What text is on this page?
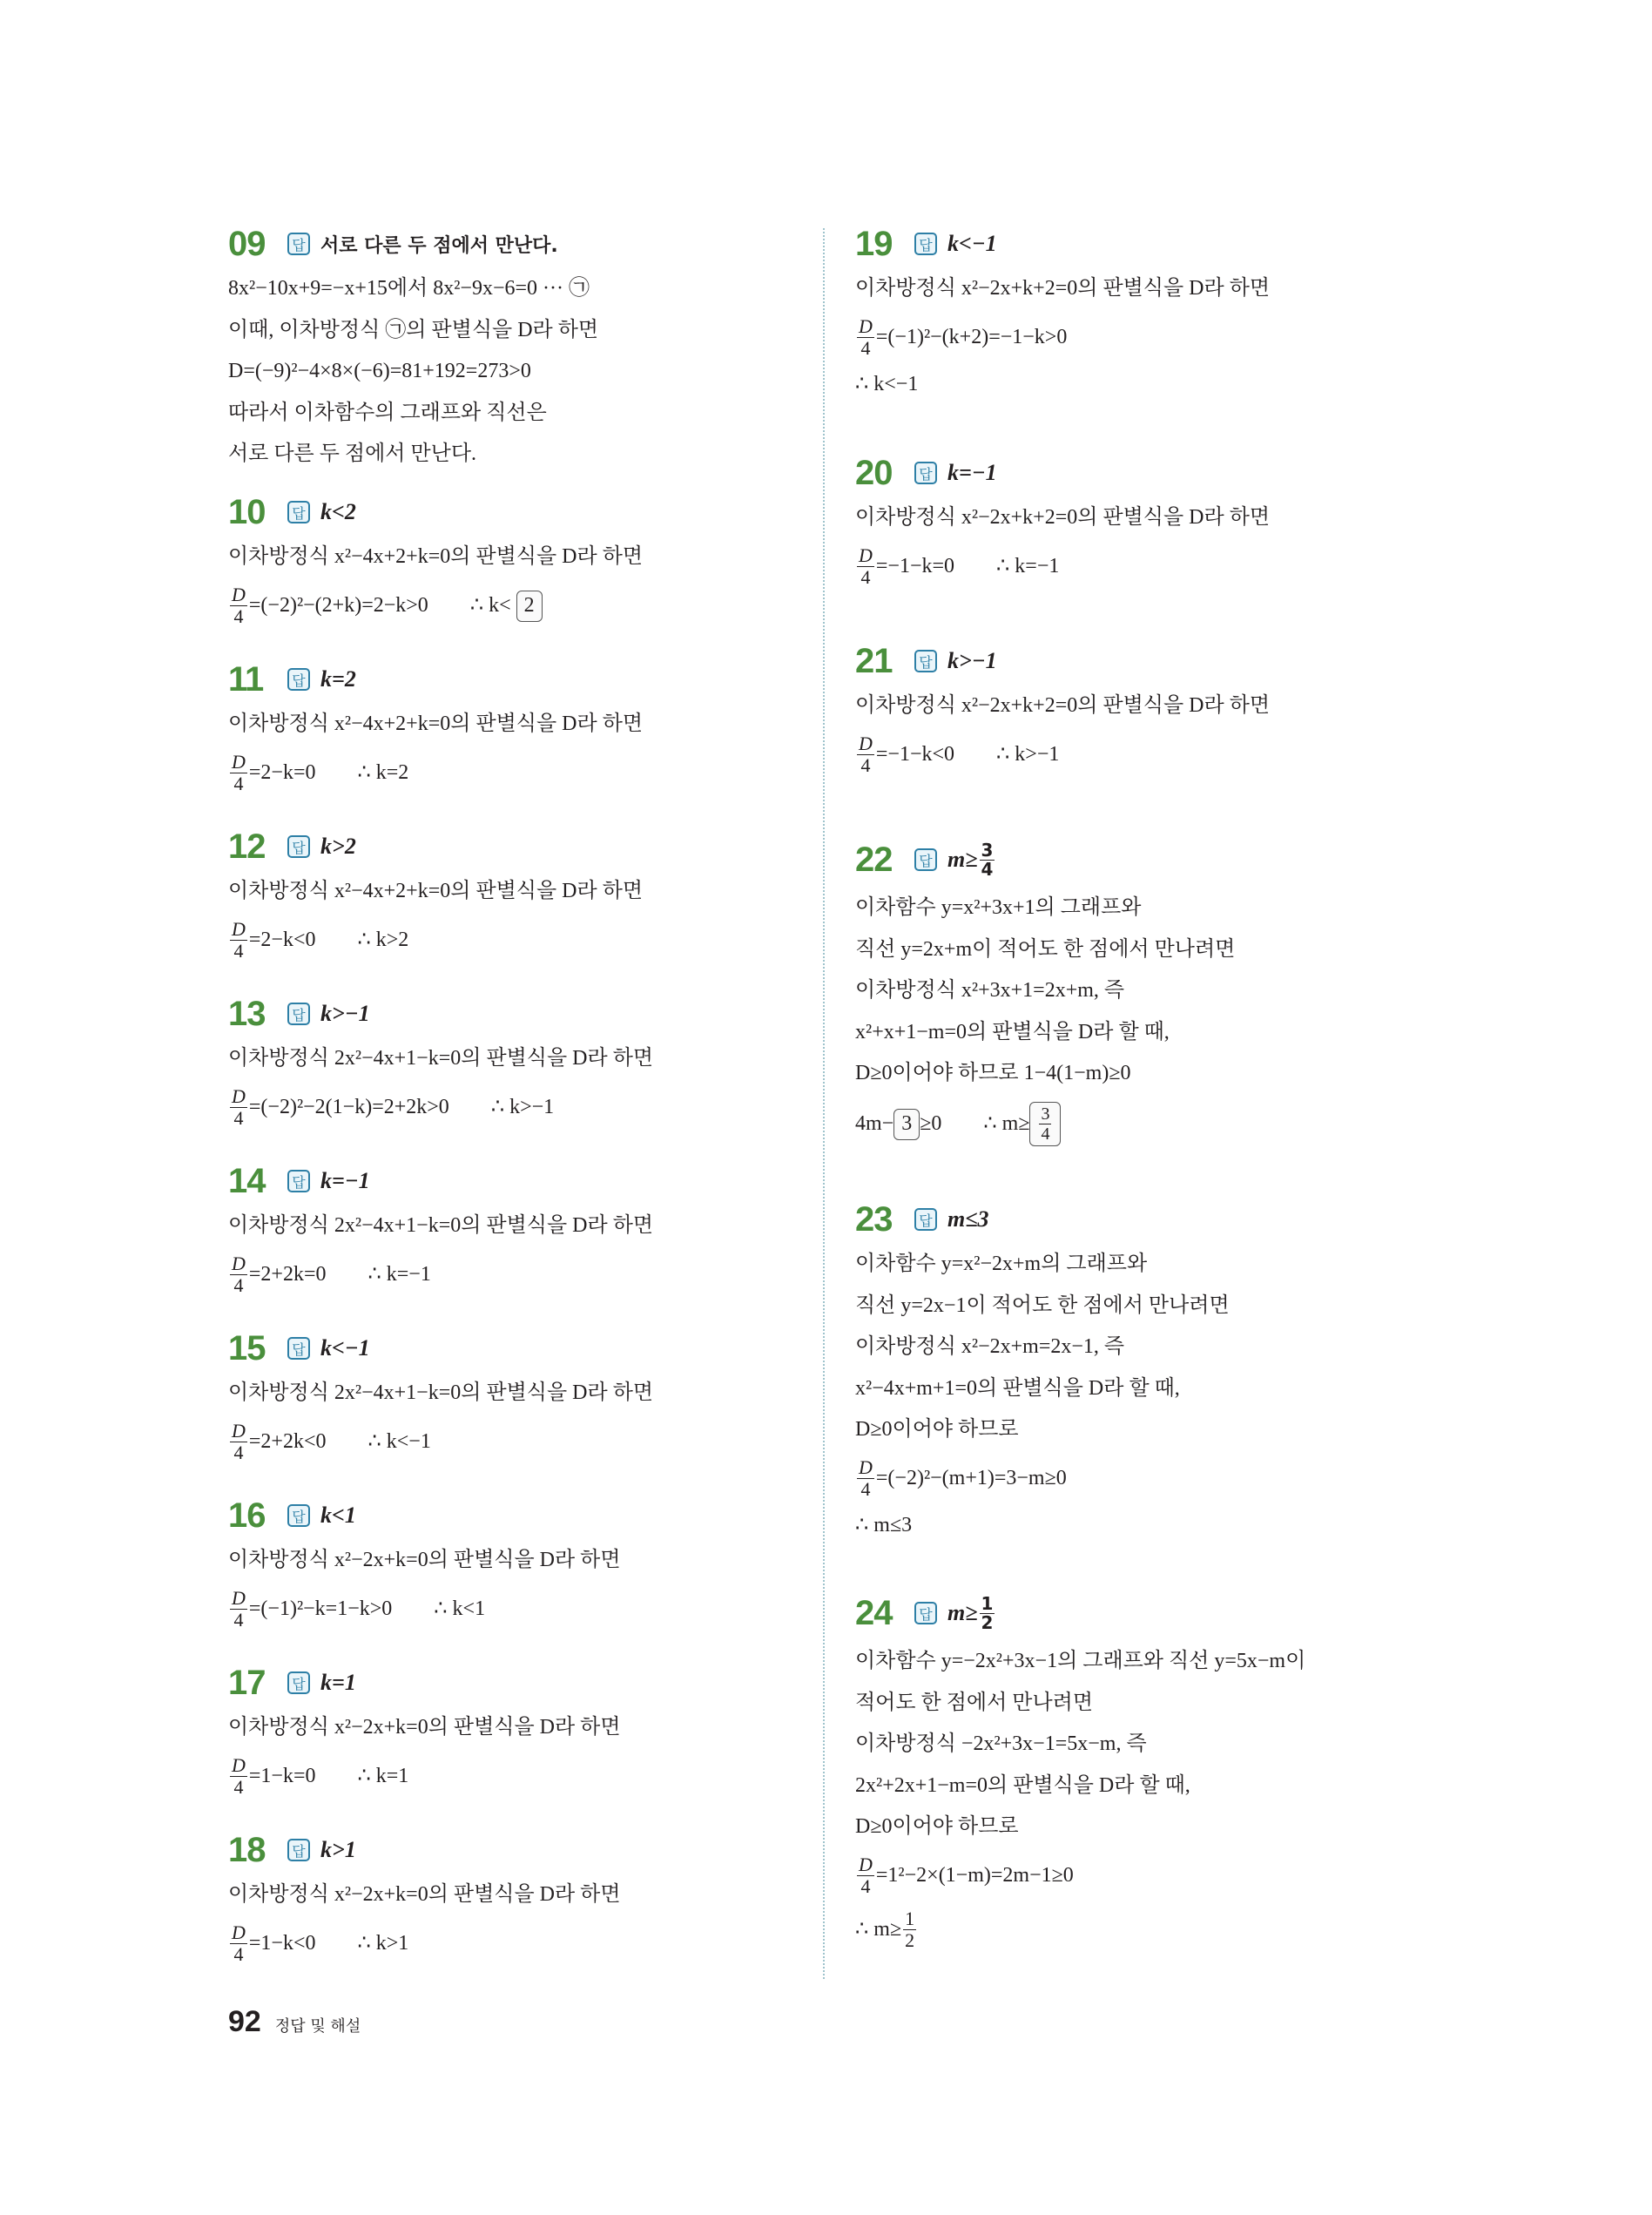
09	답 서로 다른 두 점에서 만난다.
8x²−10x+9=−x+15에서 8x²−9x−6=0 ··· ㉠
이때, 이차방정식 ㉠의 판별식을 D라 하면
D=(−9)²−4×8×(−6)=81+192=273>0
따라서 이차함수의 그래프와 직선은
서로 다른 두 점에서 만난다.
10	답 k<2
이차방정식 x²−4x+2+k=0의 판별식을 D라 하면
$\frac{D}{4} =(-2)^2-(2+k)=2-k>0$ ∴ k< 2
11	답 k=2
이차방정식 x²−4x+2+k=0의 판별식을 D라 하면
$\frac{D}{4} =2-k=0$ ∴ k=2
12	답 k>2
이차방정식 x²−4x+2+k=0의 판별식을 D라 하면
$\frac{D}{4} =2-k<0$ ∴ k>2
13	답 k>−1
이차방정식 2x²−4x+1−k=0의 판별식을 D라 하면
$\frac{D}{4} =(-2)^2-2(1-k)=2+2k>0$ ∴ k>−1
14	답 k=−1
이차방정식 2x²−4x+1−k=0의 판별식을 D라 하면
$\frac{D}{4} =2+2k=0$ ∴ k=−1
15	답 k<−1
이차방정식 2x²−4x+1−k=0의 판별식을 D라 하면
$\frac{D}{4} =2+2k<0$ ∴ k<−1
16	답 k<1
이차방정식 x²−2x+k=0의 판별식을 D라 하면
$\frac{D}{4} =(-1)^2-k=1-k>0$ ∴ k<1
17	답 k=1
이차방정식 x²−2x+k=0의 판별식을 D라 하면
$\frac{D}{4} =1-k=0$ ∴ k=1
18	답 k>1
이차방정식 x²−2x+k=0의 판별식을 D라 하면
$\frac{D}{4} =1-k<0$ ∴ k>1
19	답 k<−1
이차방정식 x²−2x+k+2=0의 판별식을 D라 하면
$\frac{D}{4} =(-1)^2-(k+2)=-1-k>0$
∴ k<−1
20	답 k=−1
이차방정식 x²−2x+k+2=0의 판별식을 D라 하면
$\frac{D}{4} =-1-k=0$ ∴ k=−1
21	답 k>−1
이차방정식 x²−2x+k+2=0의 판별식을 D라 하면
$\frac{D}{4} =-1-k<0$ ∴ k>−1
22	답 $m\ge \frac{3}{4}$
이차함수 y=x²+3x+1의 그래프와
직선 y=2x+m이 적어도 한 점에서 만나려면
이차방정식 x²+3x+1=2x+m, 즉
x²+x+1−m=0의 판별식을 D라 할 때,
D≥0이어야 하므로 1−4(1−m)≥0
4m− 3 ≥0 ∴ $m\ge \frac{3}{4}$
23	답 m≤3
이차함수 y=x²−2x+m의 그래프와
직선 y=2x−1이 적어도 한 점에서 만나려면
이차방정식 x²−2x+m=2x−1, 즉
x²−4x+m+1=0의 판별식을 D라 할 때,
D≥0이어야 하므로
$\frac{D}{4} =(-2)^2-(m+1)=3-m\ge 0$
∴ m≤3
24	답 $m\ge \frac{1}{2}$
이차함수 y=−2x²+3x−1의 그래프와 직선 y=5x−m이
적어도 한 점에서 만나려면
이차방정식 −2x²+3x−1=5x−m, 즉
2x²+2x+1−m=0의 판별식을 D라 할 때,
D≥0이어야 하므로
$\frac{D}{4} =1^2-2\times(1-m)=2m-1\ge 0$
∴ $m\ge \frac{1}{2}$
92 정답 및 해설
